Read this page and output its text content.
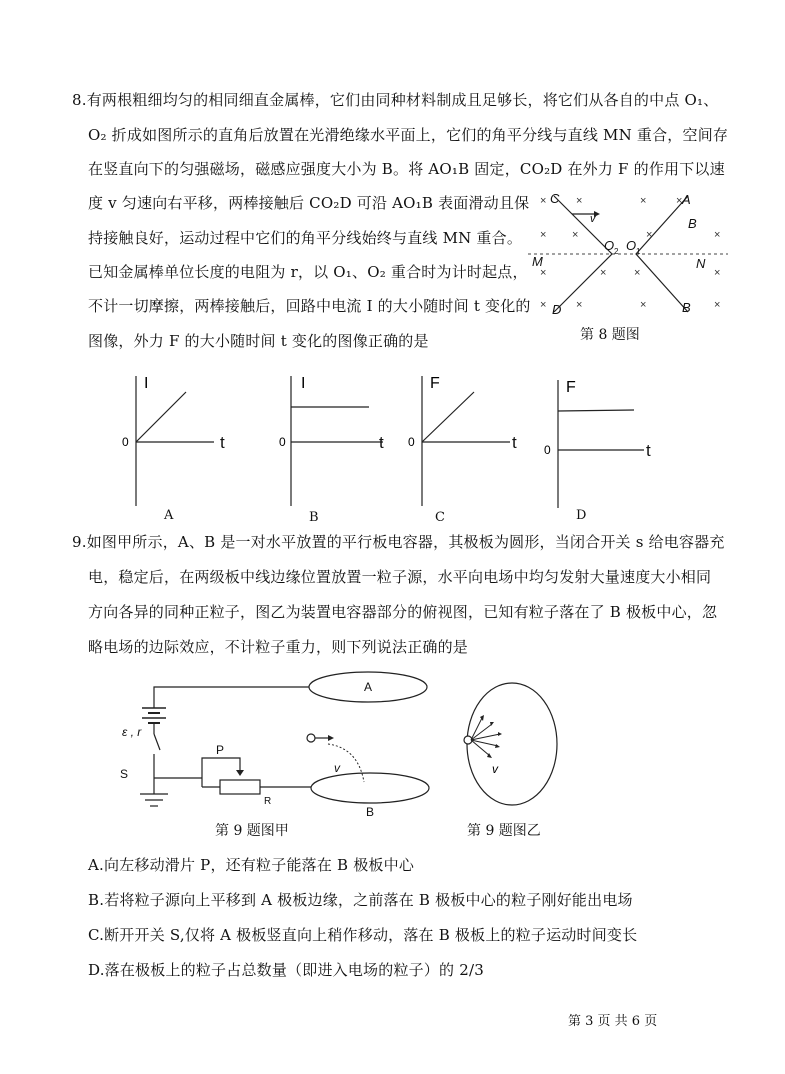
8.有两根粗细均匀的相同细直金属棒，它们由同种材料制成且足够长，将它们从各自的中点 O₁、
O₂ 折成如图所示的直角后放置在光滑绝缘水平面上，它们的角平分线与直线 MN 重合，空间存
在竖直向下的匀强磁场，磁感应强度大小为 B。将 AO₁B 固定，CO₂D 在外力 F 的作用下以速
度 v 匀速向右平移，两棒接触后 CO₂D 可沿 AO₁B 表面滑动且保
持接触良好，运动过程中它们的角平分线始终与直线 MN 重合。
已知金属棒单位长度的电阻为 r，以 O₁、O₂ 重合时为计时起点，
不计一切摩擦，两棒接触后，回路中电流 I 的大小随时间 t 变化的
图像，外力 F 的大小随时间 t 变化的图像正确的是
×	×	×	×
× ×	×	×
×	×	×	×
×	×	×	×
C
D
A
B
B
M	N
v
O 2 O 1
第 8 题图
I
0	t
A
I
0	t
B
F
0	t
C
F
0	t
D
9.如图甲所示，A、B 是一对水平放置的平行板电容器，其极板为圆形，当闭合开关 s 给电容器充
电，稳定后，在两级板中线边缘位置放置一粒子源，水平向电场中均匀发射大量速度大小相同
方向各异的同种正粒子，图乙为装置电容器部分的俯视图，已知有粒子落在了 B 极板中心，忽
略电场的边际效应，不计粒子重力，则下列说法正确的是
A
B
ε , r
P
R
S	v
第 9 题图甲
v
第 9 题图乙
A.向左移动滑片 P，还有粒子能落在 B 极板中心
B.若将粒子源向上平移到 A 极板边缘，之前落在 B 极板中心的粒子刚好能出电场
C.断开开关 S,仅将 A 极板竖直向上稍作移动，落在 B 极板上的粒子运动时间变长
D.落在极板上的粒子占总数量（即进入电场的粒子）的 2/3
第 3 页 共 6 页
